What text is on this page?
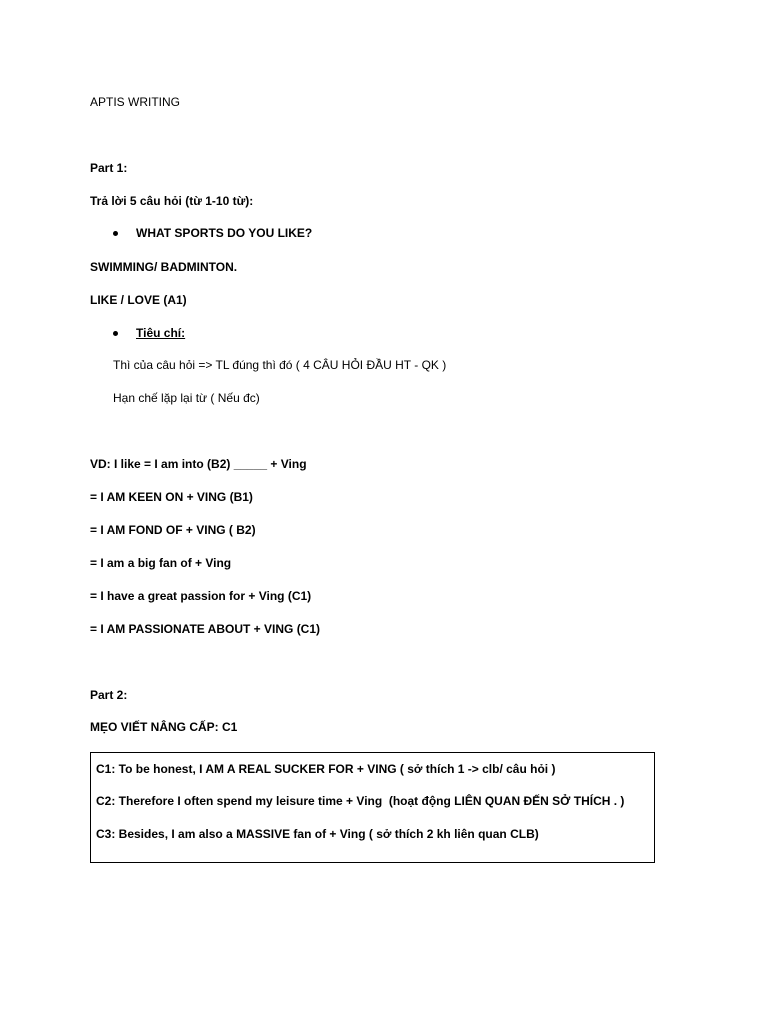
APTIS WRITING
Part 1:
Trả lời 5 câu hỏi (từ 1-10 từ):
WHAT SPORTS DO YOU LIKE?
SWIMMING/ BADMINTON.
LIKE / LOVE (A1)
Tiêu chí:
Thì của câu hỏi => TL đúng thì đó ( 4 CÂU HỎI ĐẦU HT - QK )
Hạn chế lặp lại từ ( Nếu đc)
VD: I like = I am into (B2) _____ + Ving
= I AM KEEN ON + VING (B1)
= I AM FOND OF + VING ( B2)
= I am a big fan of + Ving
= I have a great passion for + Ving (C1)
= I AM PASSIONATE ABOUT + VING (C1)
Part 2:
MẸO VIẾT NÂNG CẤP: C1
C1: To be honest, I AM A REAL SUCKER FOR + VING ( sở thích 1 -> clb/ câu hỏi )
C2: Therefore I often spend my leisure time + Ving  (hoạt động LIÊN QUAN ĐẾN SỞ THÍCH . )
C3: Besides, I am also a MASSIVE fan of + Ving ( sở thích 2 kh liên quan CLB)
